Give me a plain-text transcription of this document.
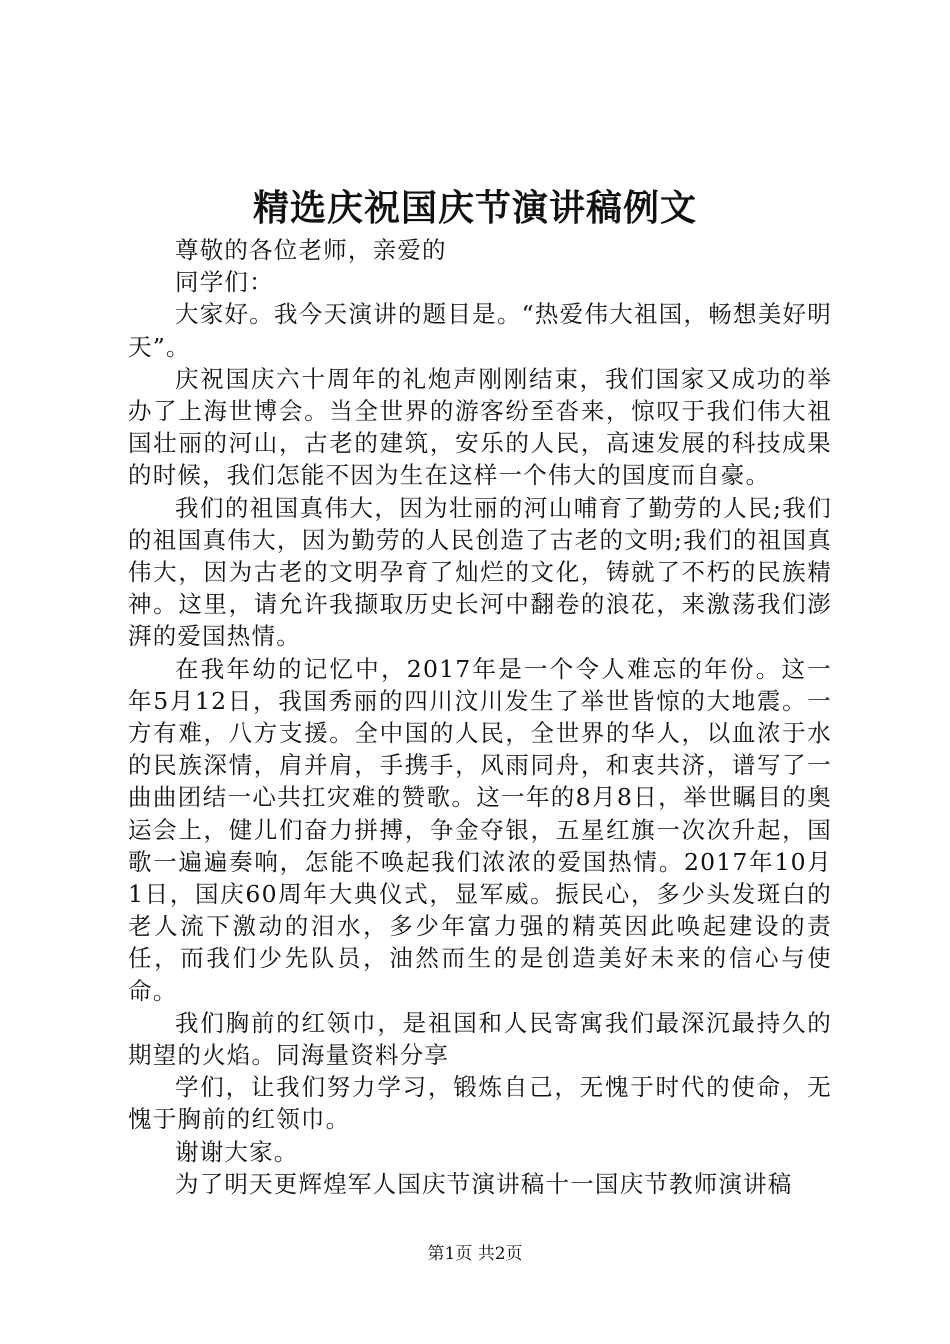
精选庆祝国庆节演讲稿例文

尊敬的各位老师，亲爱的

同学们：

大家好。我今天演讲的题目是。“热爱伟大祖国，畅想美好明天”。

庆祝国庆六十周年的礼炮声刚刚结束，我们国家又成功的举办了上海世博会。当全世界的游客纷至沓来，惊叹于我们伟大祖国壮丽的河山，古老的建筑，安乐的人民，高速发展的科技成果的时候，我们怎能不因为生在这样一个伟大的国度而自豪。

我们的祖国真伟大，因为壮丽的河山哺育了勤劳的人民;我们的祖国真伟大，因为勤劳的人民创造了古老的文明;我们的祖国真伟大，因为古老的文明孕育了灿烂的文化，铸就了不朽的民族精神。这里，请允许我撷取历史长河中翻卷的浪花，来激荡我们澎湃的爱国热情。

在我年幼的记忆中，2017年是一个令人难忘的年份。这一年5月12日，我国秀丽的四川汶川发生了举世皆惊的大地震。一方有难，八方支援。全中国的人民，全世界的华人，以血浓于水的民族深情，肩并肩，手携手，风雨同舟，和衷共济，谱写了一曲曲团结一心共扛灾难的赞歌。这一年的8月8日，举世瞩目的奥运会上，健儿们奋力拼搏，争金夺银，五星红旗一次次升起，国歌一遍遍奏响，怎能不唤起我们浓浓的爱国热情。2017年10月1日，国庆60周年大典仪式，显军威。振民心，多少头发斑白的老人流下激动的泪水，多少年富力强的精英因此唤起建设的责任，而我们少先队员，油然而生的是创造美好未来的信心与使命。

我们胸前的红领巾，是祖国和人民寄寓我们最深沉最持久的期望的火焰。同海量资料分享

学们，让我们努力学习，锻炼自己，无愧于时代的使命，无愧于胸前的红领巾。

谢谢大家。

为了明天更辉煌军人国庆节演讲稿十一国庆节教师演讲稿

第1页 共2页
